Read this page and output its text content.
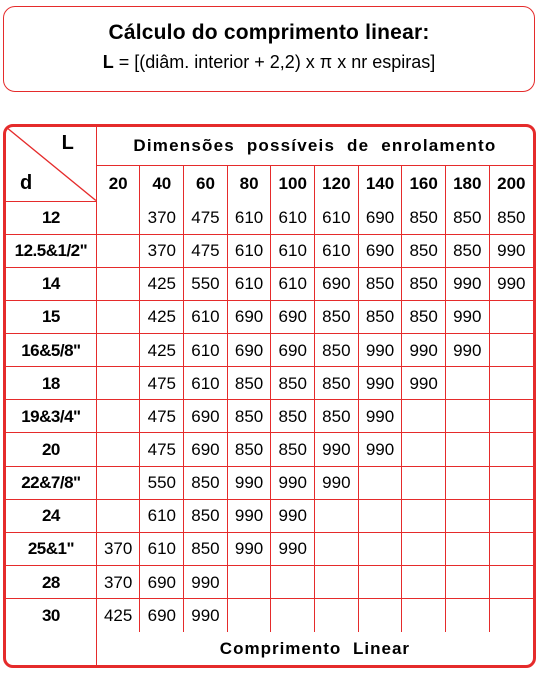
Cálculo do comprimento linear:
L = [(diâm. interior + 2,2) x π x nr espiras]
L
d	Dimensões possíveis de enrolamento									
	20	40	60	80	100	120	140	160	180	200
12		370	475	610	610	610	690	850	850	850
12.5&1/2"		370	475	610	610	610	690	850	850	990
14		425	550	610	610	690	850	850	990	990
15		425	610	690	690	850	850	850	990	
16&5/8"		425	610	690	690	850	990	990	990	
18		475	610	850	850	850	990	990		
19&3/4"		475	690	850	850	850	990			
20		475	690	850	850	990	990			
22&7/8"		550	850	990	990	990				
24		610	850	990	990					
25&1"	370	610	850	990	990					
28	370	690	990							
30	425	690	990							
	Comprimento Linear									
